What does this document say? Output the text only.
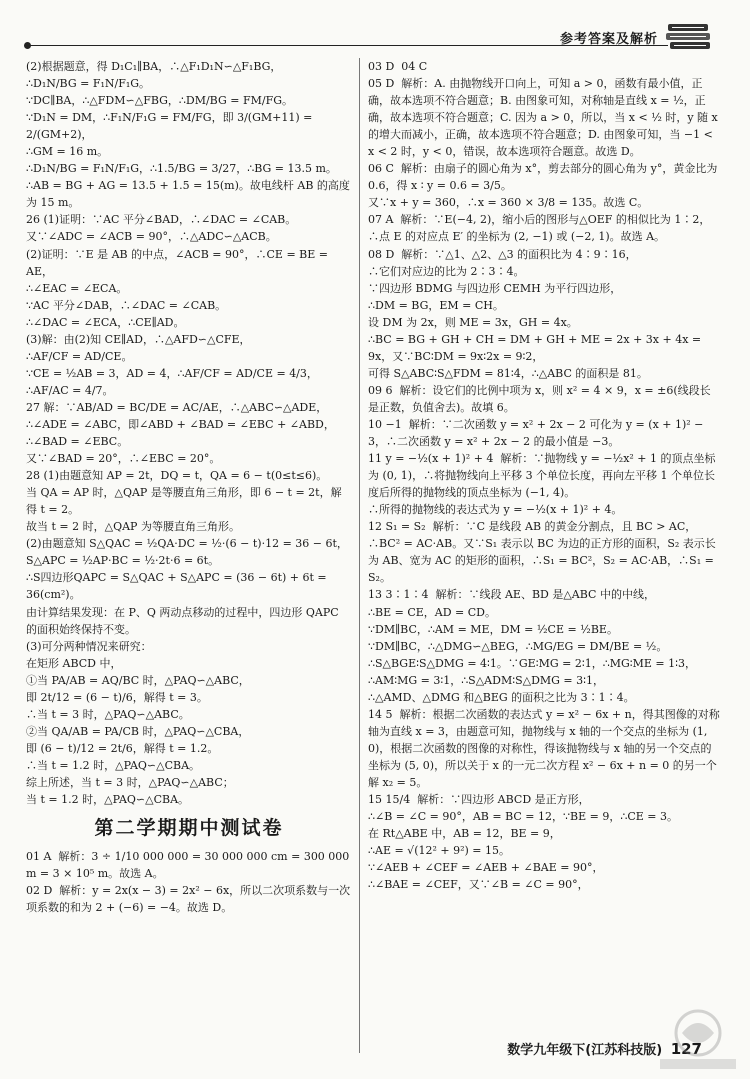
参考答案及解析

(2)根据题意，得 D₁C₁∥BA，∴△F₁D₁N∽△F₁BG，

∴D₁N/BG = F₁N/F₁G。

∵DC∥BA，∴△FDM∽△FBG，∴DM/BG = FM/FG。

∵D₁N = DM，∴F₁N/F₁G = FM/FG，即 3/(GM+11) = 2/(GM+2)，

∴GM = 16 m。

∴D₁N/BG = F₁N/F₁G，∴1.5/BG = 3/27，∴BG = 13.5 m。

∴AB = BG + AG = 13.5 + 1.5 = 15(m)。故电线杆 AB 的高度为 15 m。

26 (1)证明：∵AC 平分∠BAD，∴∠DAC = ∠CAB。

又∵∠ADC = ∠ACB = 90°，∴△ADC∽△ACB。

(2)证明：∵E 是 AB 的中点，∠ACB = 90°，∴CE = BE = AE，

∴∠EAC = ∠ECA。

∵AC 平分∠DAB，∴∠DAC = ∠CAB。

∴∠DAC = ∠ECA，∴CE∥AD。

(3)解：由(2)知 CE∥AD，∴△AFD∽△CFE，

∴AF/CF = AD/CE。

∵CE = ½AB = 3，AD = 4，∴AF/CF = AD/CE = 4/3，∴AF/AC = 4/7。

27 解：∵AB/AD = BC/DE = AC/AE，∴△ABC∽△ADE，

∴∠ADE = ∠ABC，即∠ABD + ∠BAD = ∠EBC + ∠ABD，

∴∠BAD = ∠EBC。

又∵∠BAD = 20°，∴∠EBC = 20°。

28 (1)由题意知 AP = 2t，DQ = t，QA = 6 − t(0≤t≤6)。

当 QA = AP 时，△QAP 是等腰直角三角形，即 6 − t = 2t，解得 t = 2。

故当 t = 2 时，△QAP 为等腰直角三角形。

(2)由题意知 S△QAC = ½QA·DC = ½·(6 − t)·12 = 36 − 6t，

S△APC = ½AP·BC = ½·2t·6 = 6t。

∴S四边形QAPC = S△QAC + S△APC = (36 − 6t) + 6t = 36(cm²)。

由计算结果发现：在 P、Q 两动点移动的过程中，四边形 QAPC 的面积始终保持不变。

(3)可分两种情况来研究：

在矩形 ABCD 中，

①当 PA/AB = AQ/BC 时，△PAQ∽△ABC，

即 2t/12 = (6 − t)/6，解得 t = 3。

∴当 t = 3 时，△PAQ∽△ABC。

②当 QA/AB = PA/CB 时，△PAQ∽△CBA，

即 (6 − t)/12 = 2t/6，解得 t = 1.2。

∴当 t = 1.2 时，△PAQ∽△CBA。

综上所述，当 t = 3 时，△PAQ∽△ABC；

当 t = 1.2 时，△PAQ∽△CBA。

第二学期期中测试卷

01 A  解析：3 ÷ 1/10 000 000 = 30 000 000 cm = 300 000 m = 3 × 10⁵ m。故选 A。

02 D  解析：y = 2x(x − 3) = 2x² − 6x，所以二次项系数与一次项系数的和为 2 + (−6) = −4。故选 D。

03 D  04 C

05 D  解析：A. 由抛物线开口向上，可知 a > 0，函数有最小值，正确，故本选项不符合题意；B. 由图象可知，对称轴是直线 x = ½，正确，故本选项不符合题意；C. 因为 a > 0，所以，当 x < ½ 时，y 随 x 的增大而减小，正确，故本选项不符合题意；D. 由图象可知，当 −1 < x < 2 时，y < 0，错误，故本选项符合题意。故选 D。

06 C  解析：由扇子的圆心角为 x°，剪去部分的圆心角为 y°，黄金比为 0.6，得 x ∶ y = 0.6 = 3/5。

又∵x + y = 360，∴x = 360 × 3/8 = 135。故选 C。

07 A  解析：∵E(−4, 2)，缩小后的图形与△OEF 的相似比为 1∶2，∴点 E 的对应点 E′ 的坐标为 (2, −1) 或 (−2, 1)。故选 A。

08 D  解析：∵△1、△2、△3 的面积比为 4∶9∶16，

∴它们对应边的比为 2∶3∶4。

∵四边形 BDMG 与四边形 CEMH 为平行四边形，

∴DM = BG，EM = CH。

设 DM 为 2x，则 ME = 3x，GH = 4x。

∴BC = BG + GH + CH = DM + GH + ME = 2x + 3x + 4x = 9x，又∵BC∶DM = 9x∶2x = 9∶2，

可得 S△ABC∶S△FDM = 81∶4，∴△ABC 的面积是 81。

09 6  解析：设它们的比例中项为 x，则 x² = 4 × 9，x = ±6(线段长是正数，负值舍去)。故填 6。

10 −1  解析：∵二次函数 y = x² + 2x − 2 可化为 y = (x + 1)² − 3，∴二次函数 y = x² + 2x − 2 的最小值是 −3。

11 y = −½(x + 1)² + 4  解析：∵抛物线 y = −½x² + 1 的顶点坐标为 (0, 1)，∴将抛物线向上平移 3 个单位长度，再向左平移 1 个单位长度后所得的抛物线的顶点坐标为 (−1, 4)。

∴所得的抛物线的表达式为 y = −½(x + 1)² + 4。

12 S₁ = S₂  解析：∵C 是线段 AB 的黄金分割点，且 BC > AC，∴BC² = AC·AB。又∵S₁ 表示以 BC 为边的正方形的面积，S₂ 表示长为 AB、宽为 AC 的矩形的面积，∴S₁ = BC²，S₂ = AC·AB，∴S₁ = S₂。

13 3∶1∶4  解析：∵线段 AE、BD 是△ABC 中的中线，

∴BE = CE，AD = CD。

∵DM∥BC，∴AM = ME，DM = ½CE = ½BE。

∵DM∥BC，∴△DMG∽△BEG，∴MG/EG = DM/BE = ½。

∴S△BGE∶S△DMG = 4∶1。∵GE∶MG = 2∶1，∴MG∶ME = 1∶3，∴AM∶MG = 3∶1，∴S△ADM∶S△DMG = 3∶1，

∴△AMD、△DMG 和△BEG 的面积之比为 3∶1∶4。

14 5  解析：根据二次函数的表达式 y = x² − 6x + n，得其图像的对称轴为直线 x = 3，由题意可知，抛物线与 x 轴的一个交点的坐标为 (1, 0)，根据二次函数的图像的对称性，得该抛物线与 x 轴的另一个交点的坐标为 (5, 0)，所以关于 x 的一元二次方程 x² − 6x + n = 0 的另一个解 x₂ = 5。

15 15/4  解析：∵四边形 ABCD 是正方形，

∴∠B = ∠C = 90°，AB = BC = 12，∵BE = 9，∴CE = 3。

在 Rt△ABE 中，AB = 12，BE = 9，

∴AE = √(12² + 9²) = 15。

∵∠AEB + ∠CEF = ∠AEB + ∠BAE = 90°，

∴∠BAE = ∠CEF，又∵∠B = ∠C = 90°，

数学九年级下(江苏科技版) 127
